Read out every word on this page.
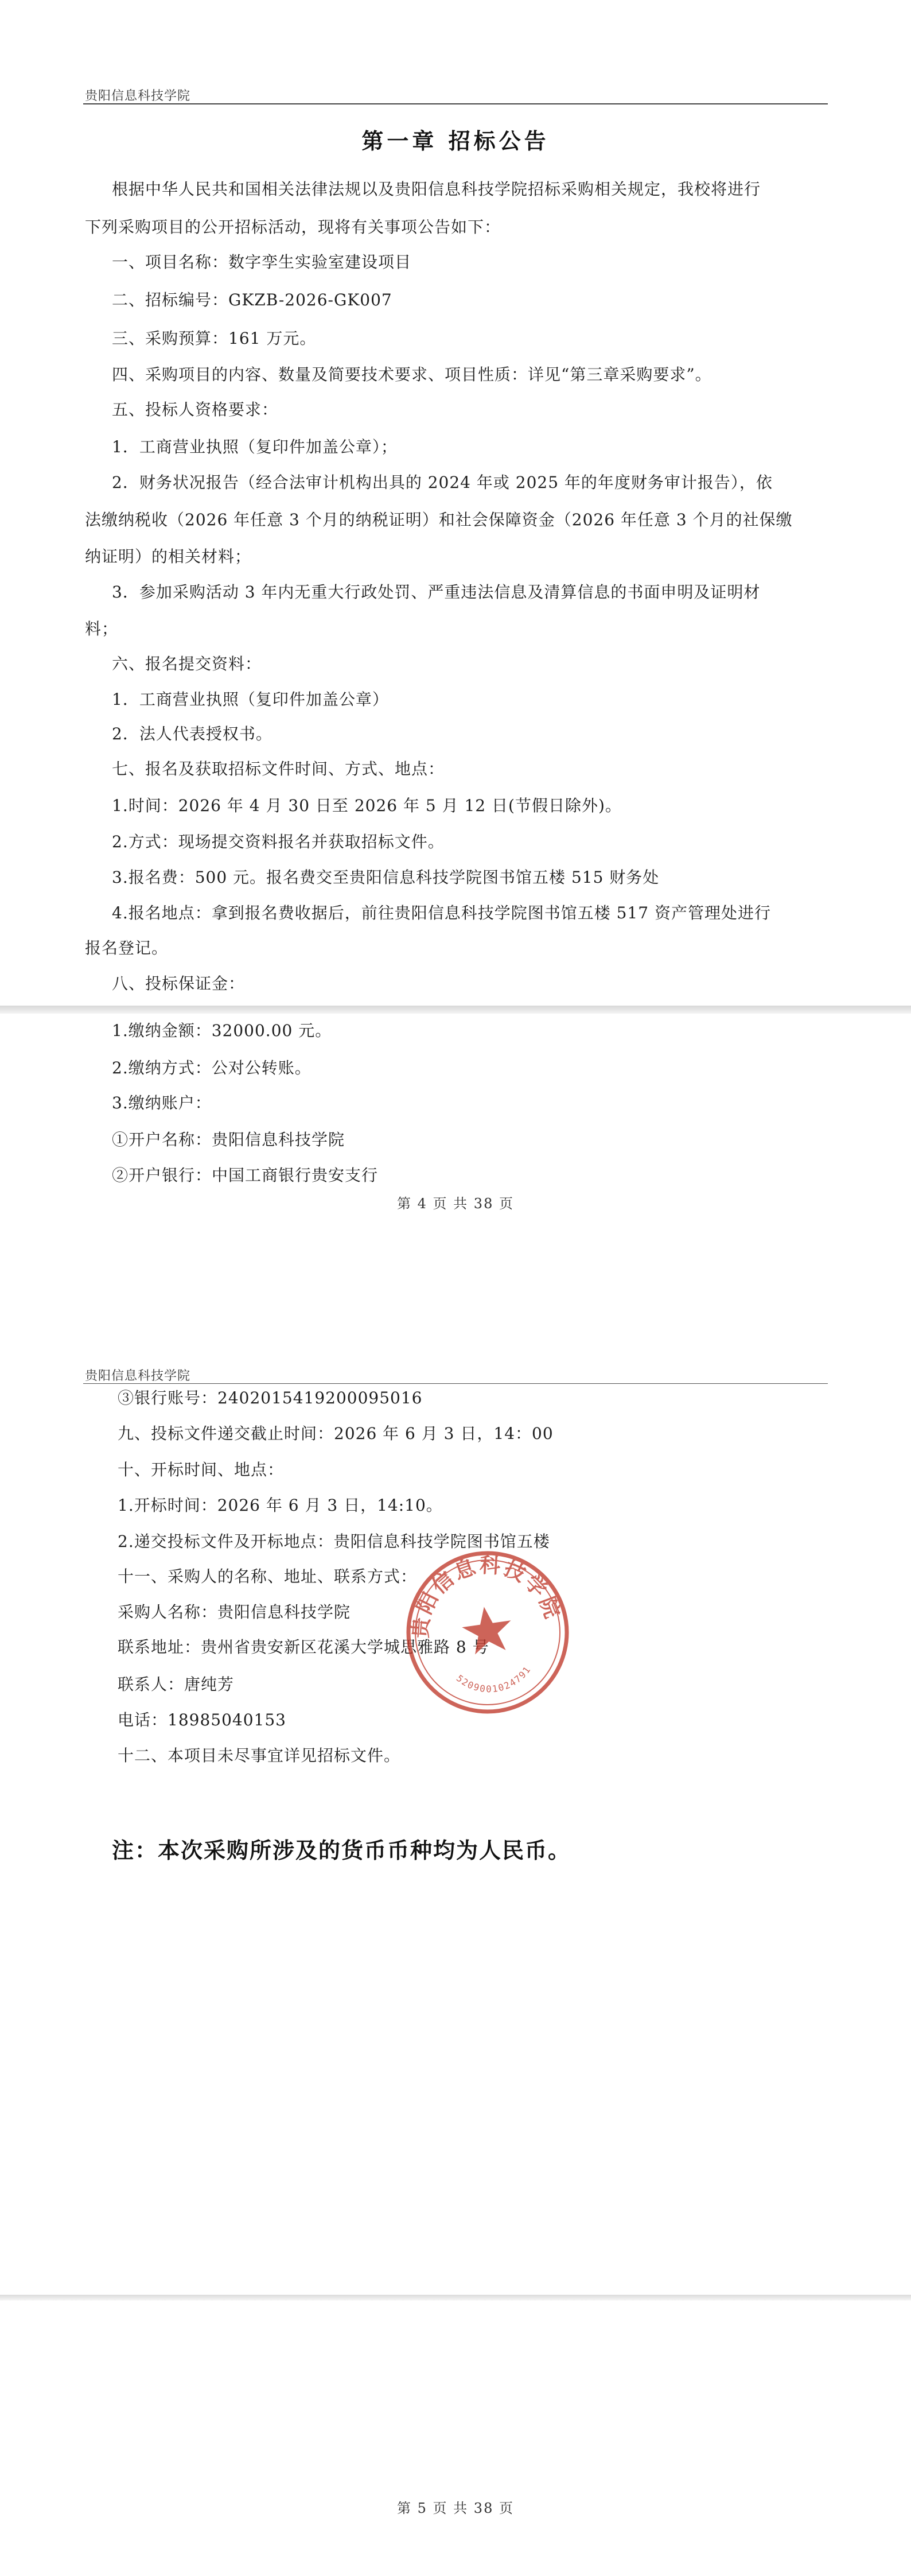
贵阳信息科技学院
第一章 招标公告
根据中华人民共和国相关法律法规以及贵阳信息科技学院招标采购相关规定，我校将进行
下列采购项目的公开招标活动，现将有关事项公告如下：
一、项目名称：数字孪生实验室建设项目
二、招标编号：GKZB-2026-GK007
三、采购预算：161 万元。
四、采购项目的内容、数量及简要技术要求、项目性质：详见“第三章采购要求”。
五、投标人资格要求：
1．工商营业执照（复印件加盖公章）；
2．财务状况报告（经合法审计机构出具的 2024 年或 2025 年的年度财务审计报告），依
法缴纳税收（2026 年任意 3 个月的纳税证明）和社会保障资金（2026 年任意 3 个月的社保缴
纳证明）的相关材料；
3．参加采购活动 3 年内无重大行政处罚、严重违法信息及清算信息的书面申明及证明材
料；
六、报名提交资料：
1．工商营业执照（复印件加盖公章）
2．法人代表授权书。
七、报名及获取招标文件时间、方式、地点：
1.时间：2026 年 4 月 30 日至 2026 年 5 月 12 日(节假日除外)。
2.方式：现场提交资料报名并获取招标文件。
3.报名费：500 元。报名费交至贵阳信息科技学院图书馆五楼 515 财务处
4.报名地点：拿到报名费收据后，前往贵阳信息科技学院图书馆五楼 517 资产管理处进行
报名登记。
八、投标保证金：
1.缴纳金额：32000.00 元。
2.缴纳方式：公对公转账。
3.缴纳账户：
①开户名称：贵阳信息科技学院
②开户银行：中国工商银行贵安支行
第 4 页 共 38 页
贵阳信息科技学院
③银行账号：2402015419200095016
九、投标文件递交截止时间：2026 年 6 月 3 日，14：00
十、开标时间、地点：
1.开标时间：2026 年 6 月 3 日，14:10。
2.递交投标文件及开标地点：贵阳信息科技学院图书馆五楼
十一、采购人的名称、地址、联系方式：
采购人名称：贵阳信息科技学院
联系地址：贵州省贵安新区花溪大学城思雅路 8 号
联系人：唐纯芳
电话：18985040153
十二、本项目未尽事宜详见招标文件。
第 5 页 共 38 页
注：本次采购所涉及的货币币种均为人民币。
贵阳信息科技学院
5209001024791
